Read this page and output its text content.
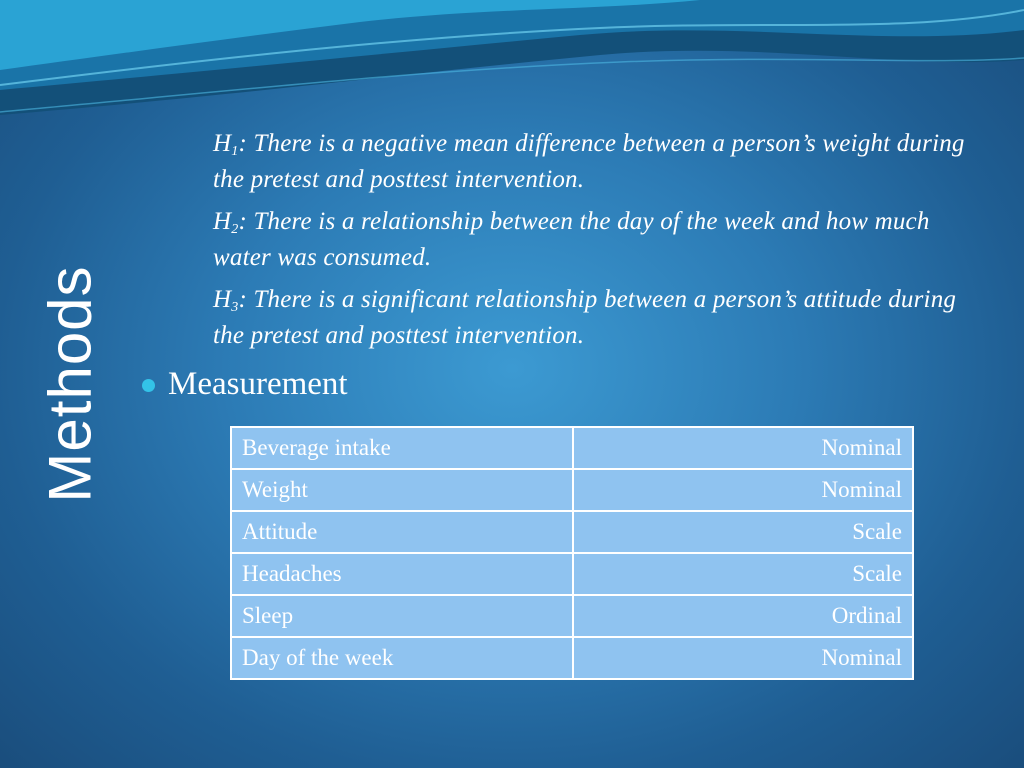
Methods

$H_1$: There is a negative mean difference between a person’s weight during the pretest and posttest intervention.

$H_2$: There is a relationship between the day of the week and how much water was consumed.

$H_3$: There is a significant relationship between a person’s attitude during the pretest and posttest intervention.

Measurement
Beverage intake	Nominal
Weight	Nominal
Attitude	Scale
Headaches	Scale
Sleep	Ordinal
Day of the week	Nominal
